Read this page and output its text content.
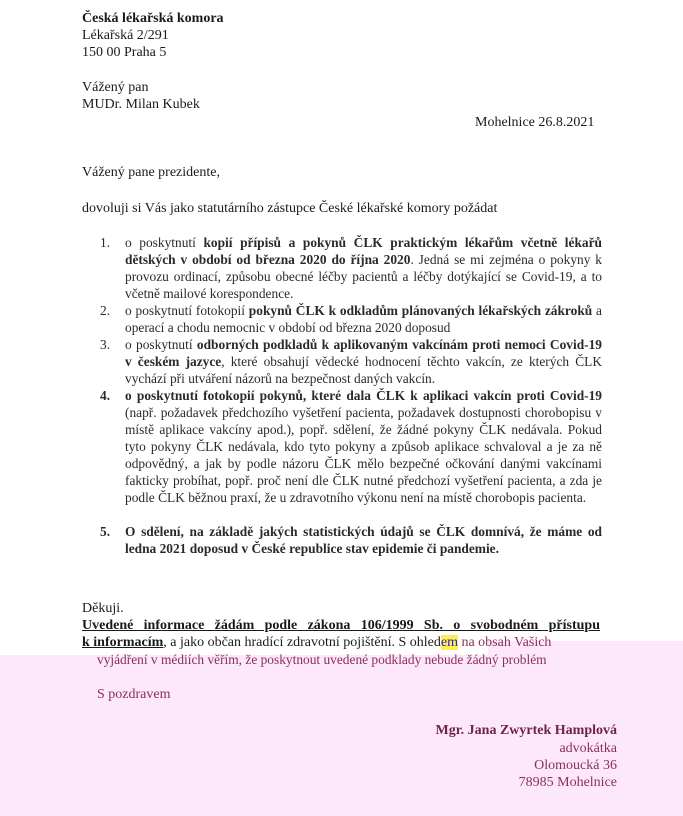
Česká lékařská komora
Lékařská 2/291
150 00 Praha 5
Vážený pan
MUDr. Milan Kubek
Mohelnice 26.8.2021
Vážený pane prezidente,
dovoluji si Vás jako statutárního zástupce České lékařské komory požádat
1. o poskytnutí kopií přípisů a pokynů ČLK praktickým lékařům včetně lékařů dětských v období od března 2020 do října 2020. Jedná se mi zejména o pokyny k provozu ordinací, způsobu obecné léčby pacientů a léčby dotýkající se Covid-19, a to včetně mailové korespondence.
2. o poskytnutí fotokopií pokynů ČLK k odkladům plánovaných lékařských zákroků a operací a chodu nemocnic v období od března 2020 doposud
3. o poskytnutí odborných podkladů k aplikovaným vakcínám proti nemoci Covid-19 v českém jazyce, které obsahují vědecké hodnocení těchto vakcín, ze kterých ČLK vychází při utváření názorů na bezpečnost daných vakcín.
4. o poskytnutí fotokopií pokynů, které dala ČLK k aplikaci vakcín proti Covid-19 (např. požadavek předchozího vyšetření pacienta, požadavek dostupnosti chorobopisu v místě aplikace vakcíny apod.), popř. sdělení, že žádné pokyny ČLK nedávala. Pokud tyto pokyny ČLK nedávala, kdo tyto pokyny a způsob aplikace schvaloval a je za ně odpovědný, a jak by podle názoru ČLK mělo bezpečné očkování danými vakcínami fakticky probíhat, popř. proč není dle ČLK nutné předchozí vyšetření pacienta, a zda je podle ČLK běžnou praxí, že u zdravotního výkonu není na místě chorobopis pacienta.
5. O sdělení, na základě jakých statistických údajů se ČLK domnívá, že máme od ledna 2021 doposud v České republice stav epidemie či pandemie.
Děkuji.
Uvedené informace žádám podle zákona 106/1999 Sb. o svobodném přístupu
k informacím, a jako občan hradící zdravotní pojištění. S ohledem na obsah Vašich
vyjádření v médiích věřím, že poskytnout uvedené podklady nebude žádný problém
S pozdravem
Mgr. Jana Zwyrtek Hamplová
advokátka
Olomoucká 36
78985 Mohelnice
